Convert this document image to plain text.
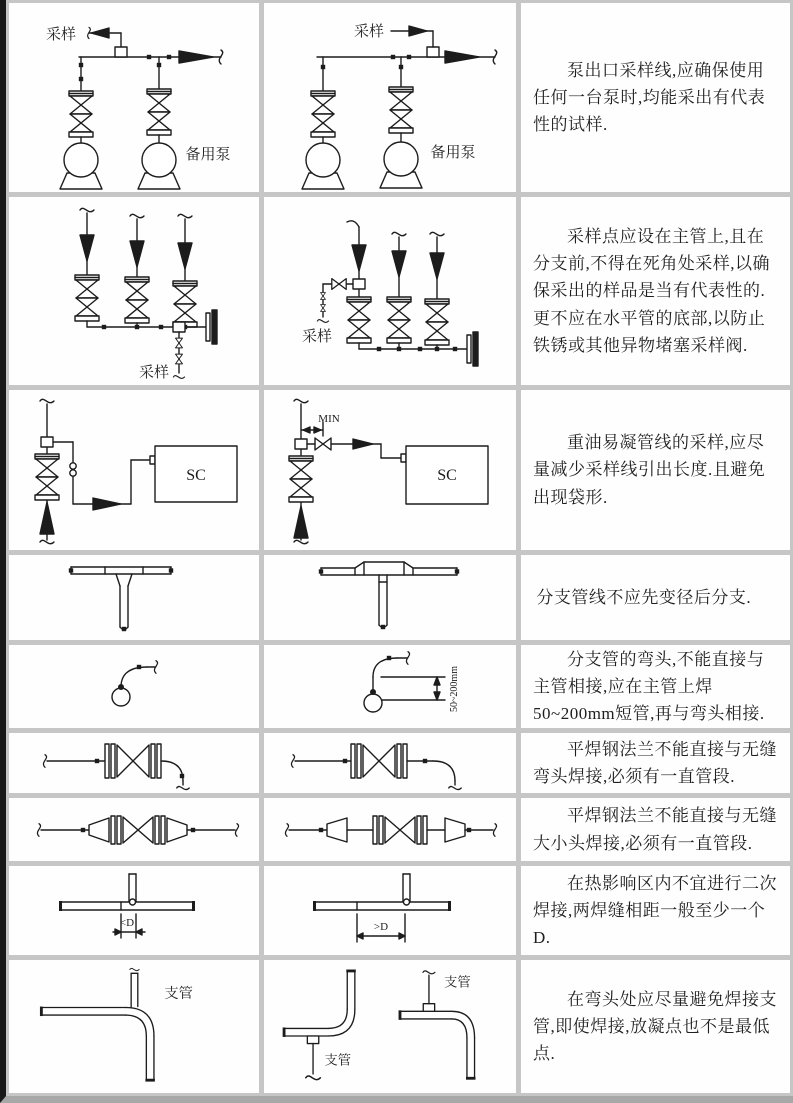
采样
备用泵
采样
备用泵

泵出口采样线,应确保使用任何一台泵时,均能采出有代表性的试样.

采样
采样

采样点应设在主管上,且在分支前,不得在死角处采样,以确保采出的样品是当有代表性的.更不应在水平管的底部,以防止铁锈或其他异物堵塞采样阀.

SC
MIN
SC

重油易凝管线的采样,应尽量减少采样线引出长度.且避免出现袋形.

分支管线不应先变径后分支.

50~200mm

分支管的弯头,不能直接与主管相接,应在主管上焊50~200mm短管,再与弯头相接.

平焊钢法兰不能直接与无缝弯头焊接,必须有一直管段.

平焊钢法兰不能直接与无缝大小头焊接,必须有一直管段.

<D	>D

在热影响区内不宜进行二次焊接,两焊缝相距一般至少一个D.

支管
支管
支管

在弯头处应尽量避免焊接支管,即使焊接,放凝点也不是最低点.
